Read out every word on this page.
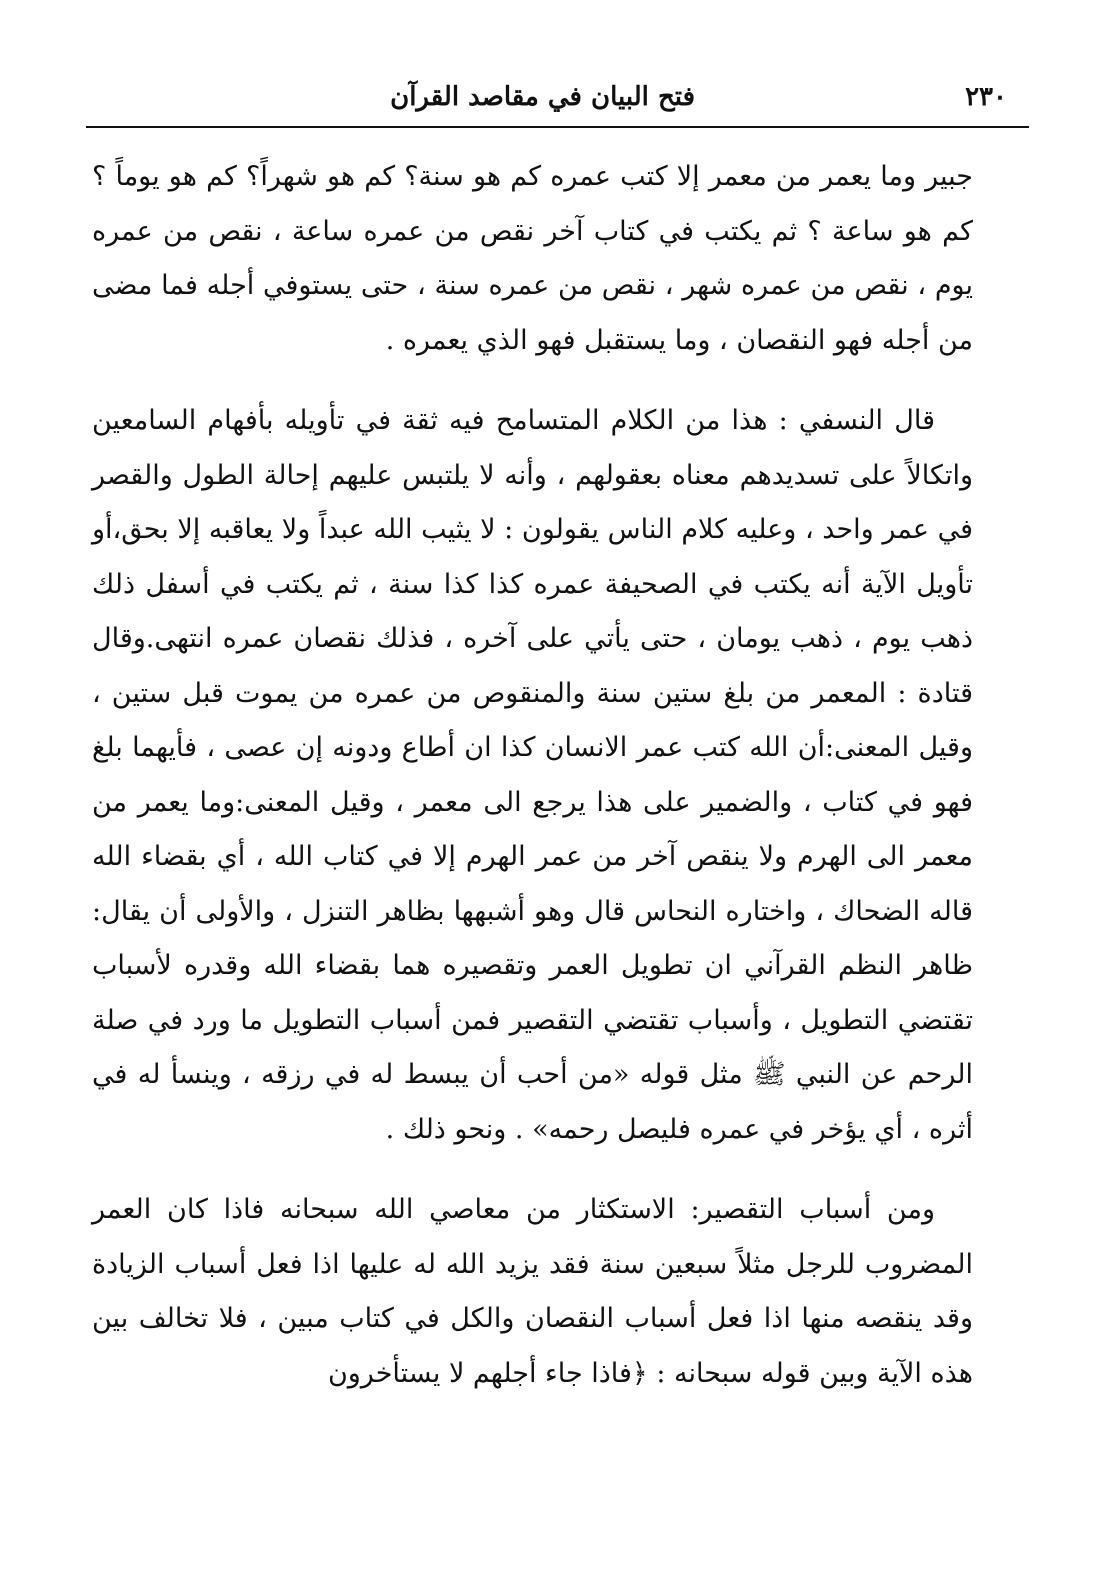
٢٣٠
فتح البيان في مقاصد القرآن

جبير وما يعمر من معمر إلا كتب عمره كم هو سنة؟ كم هو شهراً؟ كم هو يوماً ؟ كم هو ساعة ؟ ثم يكتب في كتاب آخر نقص من عمره ساعة ، نقص من عمره يوم ، نقص من عمره شهر ، نقص من عمره سنة ، حتى يستوفي أجله فما مضى من أجله فهو النقصان ، وما يستقبل فهو الذي يعمره .

قال النسفي : هذا من الكلام المتسامح فيه ثقة في تأويله بأفهام السامعين واتكالاً على تسديدهم معناه بعقولهم ، وأنه لا يلتبس عليهم إحالة الطول والقصر في عمر واحد ، وعليه كلام الناس يقولون : لا يثيب الله عبداً ولا يعاقبه إلا بحق،أو تأويل الآية أنه يكتب في الصحيفة عمره كذا كذا سنة ، ثم يكتب في أسفل ذلك ذهب يوم ، ذهب يومان ، حتى يأتي على آخره ، فذلك نقصان عمره انتهى.وقال قتادة : المعمر من بلغ ستين سنة والمنقوص من عمره من يموت قبل ستين ، وقيل المعنى:أن الله كتب عمر الانسان كذا ان أطاع ودونه إن عصى ، فأيهما بلغ فهو في كتاب ، والضمير على هذا يرجع الى معمر ، وقيل المعنى:وما يعمر من معمر الى الهرم ولا ينقص آخر من عمر الهرم إلا في كتاب الله ، أي بقضاء الله قاله الضحاك ، واختاره النحاس قال وهو أشبهها بظاهر التنزل ، والأولى أن يقال: ظاهر النظم القرآني ان تطويل العمر وتقصيره هما بقضاء الله وقدره لأسباب تقتضي التطويل ، وأسباب تقتضي التقصير فمن أسباب التطويل ما ورد في صلة الرحم عن النبي ﷺ مثل قوله «من أحب أن يبسط له في رزقه ، وينسأ له في أثره ، أي يؤخر في عمره فليصل رحمه» . ونحو ذلك .

ومن أسباب التقصير: الاستكثار من معاصي الله سبحانه فاذا كان العمر المضروب للرجل مثلاً سبعين سنة فقد يزيد الله له عليها اذا فعل أسباب الزيادة وقد ينقصه منها اذا فعل أسباب النقصان والكل في كتاب مبين ، فلا تخالف بين هذه الآية وبين قوله سبحانه : ﴿فاذا جاء أجلهم لا يستأخرون
